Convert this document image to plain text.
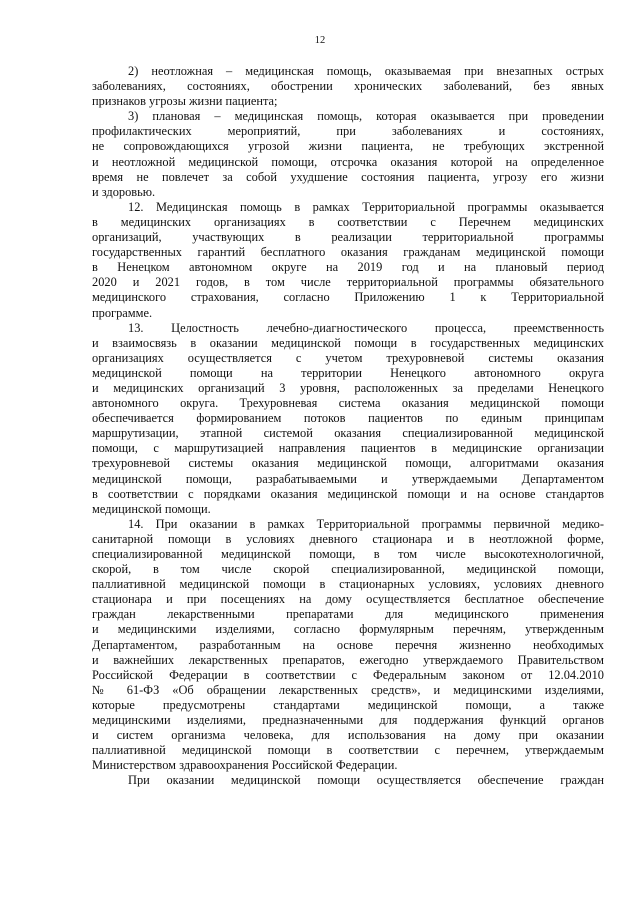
12
2) неотложная – медицинская помощь, оказываемая при внезапных острых
заболеваниях, состояниях, обострении хронических заболеваний, без явных
признаков угрозы жизни пациента;
3) плановая – медицинская помощь, которая оказывается при проведении
профилактических мероприятий, при заболеваниях и состояниях,
не сопровождающихся угрозой жизни пациента, не требующих экстренной
и неотложной медицинской помощи, отсрочка оказания которой на определенное
время не повлечет за собой ухудшение состояния пациента, угрозу его жизни
и здоровью.
12. Медицинская помощь в рамках Территориальной программы оказывается
в медицинских организациях в соответствии с Перечнем медицинских
организаций, участвующих в реализации территориальной программы
государственных гарантий бесплатного оказания гражданам медицинской помощи
в Ненецком автономном округе на 2019 год и на плановый период
2020 и 2021 годов, в том числе территориальной программы обязательного
медицинского страхования, согласно Приложению 1 к Территориальной
программе.
13. Целостность лечебно-диагностического процесса, преемственность
и взаимосвязь в оказании медицинской помощи в государственных медицинских
организациях осуществляется с учетом трехуровневой системы оказания
медицинской помощи на территории Ненецкого автономного округа
и медицинских организаций 3 уровня, расположенных за пределами Ненецкого
автономного округа. Трехуровневая система оказания медицинской помощи
обеспечивается формированием потоков пациентов по единым принципам
маршрутизации, этапной системой оказания специализированной медицинской
помощи, с маршрутизацией направления пациентов в медицинские организации
трехуровневой системы оказания медицинской помощи, алгоритмами оказания
медицинской помощи, разрабатываемыми и утверждаемыми Департаментом
в соответствии с порядками оказания медицинской помощи и на основе стандартов
медицинской помощи.
14. При оказании в рамках Территориальной программы первичной медико-
санитарной помощи в условиях дневного стационара и в неотложной форме,
специализированной медицинской помощи, в том числе высокотехнологичной,
скорой, в том числе скорой специализированной, медицинской помощи,
паллиативной медицинской помощи в стационарных условиях, условиях дневного
стационара и при посещениях на дому осуществляется бесплатное обеспечение
граждан лекарственными препаратами для медицинского применения
и медицинскими изделиями, согласно формулярным перечням, утвержденным
Департаментом, разработанным на основе перечня жизненно необходимых
и важнейших лекарственных препаратов, ежегодно утверждаемого Правительством
Российской Федерации в соответствии с Федеральным законом от 12.04.2010
№ 61-ФЗ «Об обращении лекарственных средств», и медицинскими изделиями,
которые предусмотрены стандартами медицинской помощи, а также
медицинскими изделиями, предназначенными для поддержания функций органов
и систем организма человека, для использования на дому при оказании
паллиативной медицинской помощи в соответствии с перечнем, утверждаемым
Министерством здравоохранения Российской Федерации.
При оказании медицинской помощи осуществляется обеспечение граждан
